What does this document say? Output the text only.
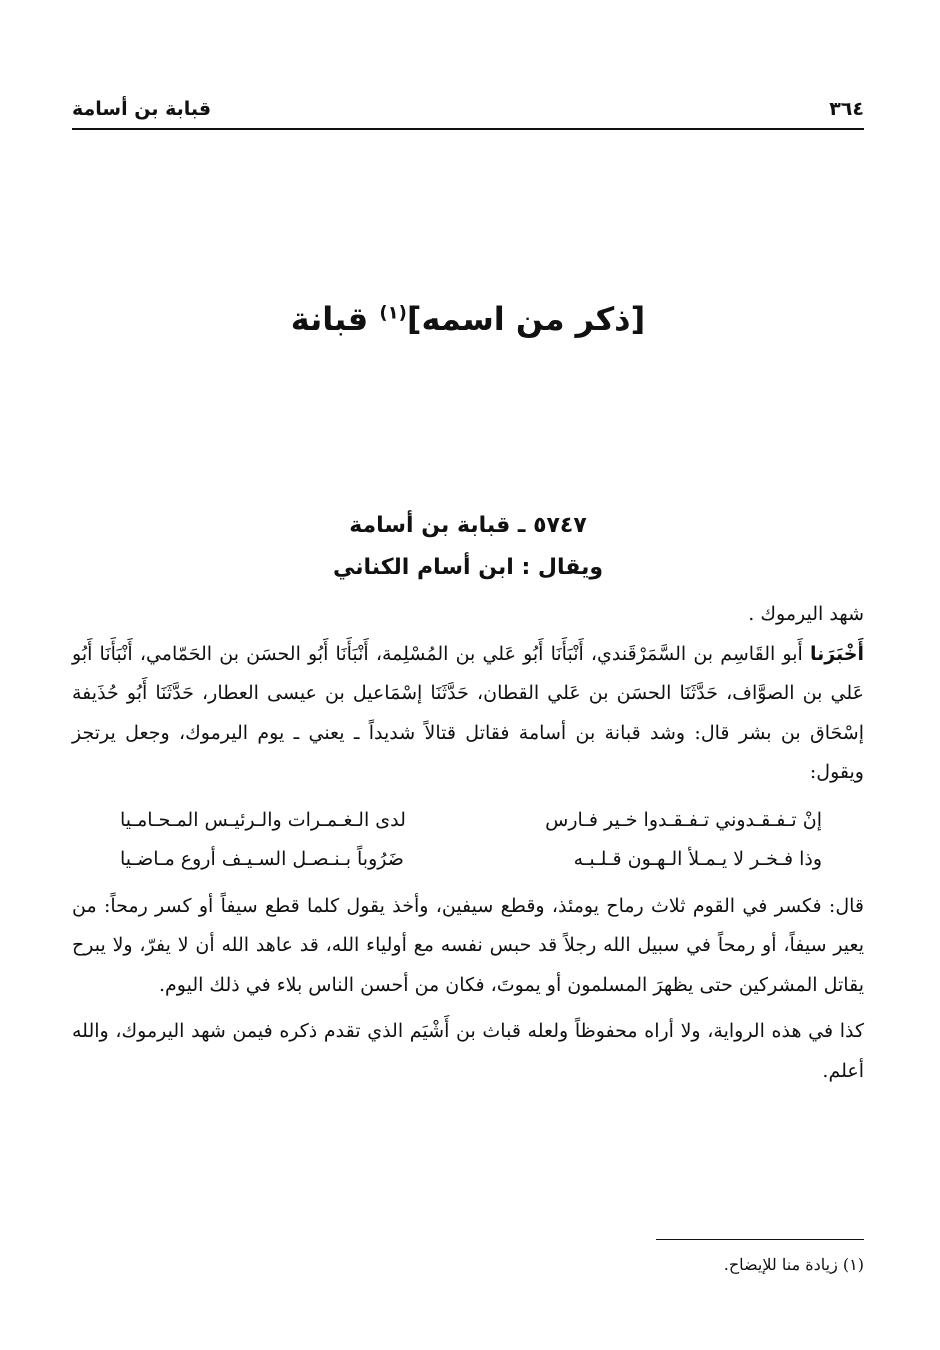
٣٦٤
قبابة بن أسامة
[ذكر من اسمه]$^{(١)}$ قبانة
٥٧٤٧ ـ قبابة بن أسامة
ويقال : ابن أسام الكناني

شهد اليرموك .

أَخْبَرَنا أَبو القَاسِم بن السَّمَرْقَندي، أَنْبَأَنَا أَبُو عَلي بن المُسْلِمة، أَنْبَأَنَا أَبُو الحسَن بن الحَمّامي، أَنْبَأَنَا أَبُو عَلي بن الصوَّاف، حَدَّثَنَا الحسَن بن عَلي القطان، حَدَّثَنَا إسْمَاعيل بن عيسى العطار، حَدَّثَنَا أَبُو حُذَيفة إسْحَاق بن بشر قال: وشد قبانة بن أسامة فقاتل قتالاً شديداً ـ يعني ـ يوم اليرموك، وجعل يرتجز ويقول:

إنْ تـفـقـدوني تـفـقـدوا خـير فـارس
لدى الـغـمـرات والـرئيـس المـحـامـيا
وذا فـخـر لا يـمـلأ الـهـون قـلـبـه
ضَرُوباً بـنـصـل السـيـف أروع مـاضـيا

قال: فكسر في القوم ثلاث رماح يومئذ، وقطع سيفين، وأخذ يقول كلما قطع سيفاً أو كسر رمحاً: من يعير سيفاً، أو رمحاً في سبيل الله رجلاً قد حبس نفسه مع أولياء الله، قد عاهد الله أن لا يفرّ، ولا يبرح يقاتل المشركين حتى يظهرَ المسلمون أو يموتَ، فكان من أحسن الناس بلاء في ذلك اليوم.

كذا في هذه الرواية، ولا أراه محفوظاً ولعله قباث بن أَشْيَم الذي تقدم ذكره فيمن شهد اليرموك، والله أعلم.

(١) زيادة منا للإيضاح.
